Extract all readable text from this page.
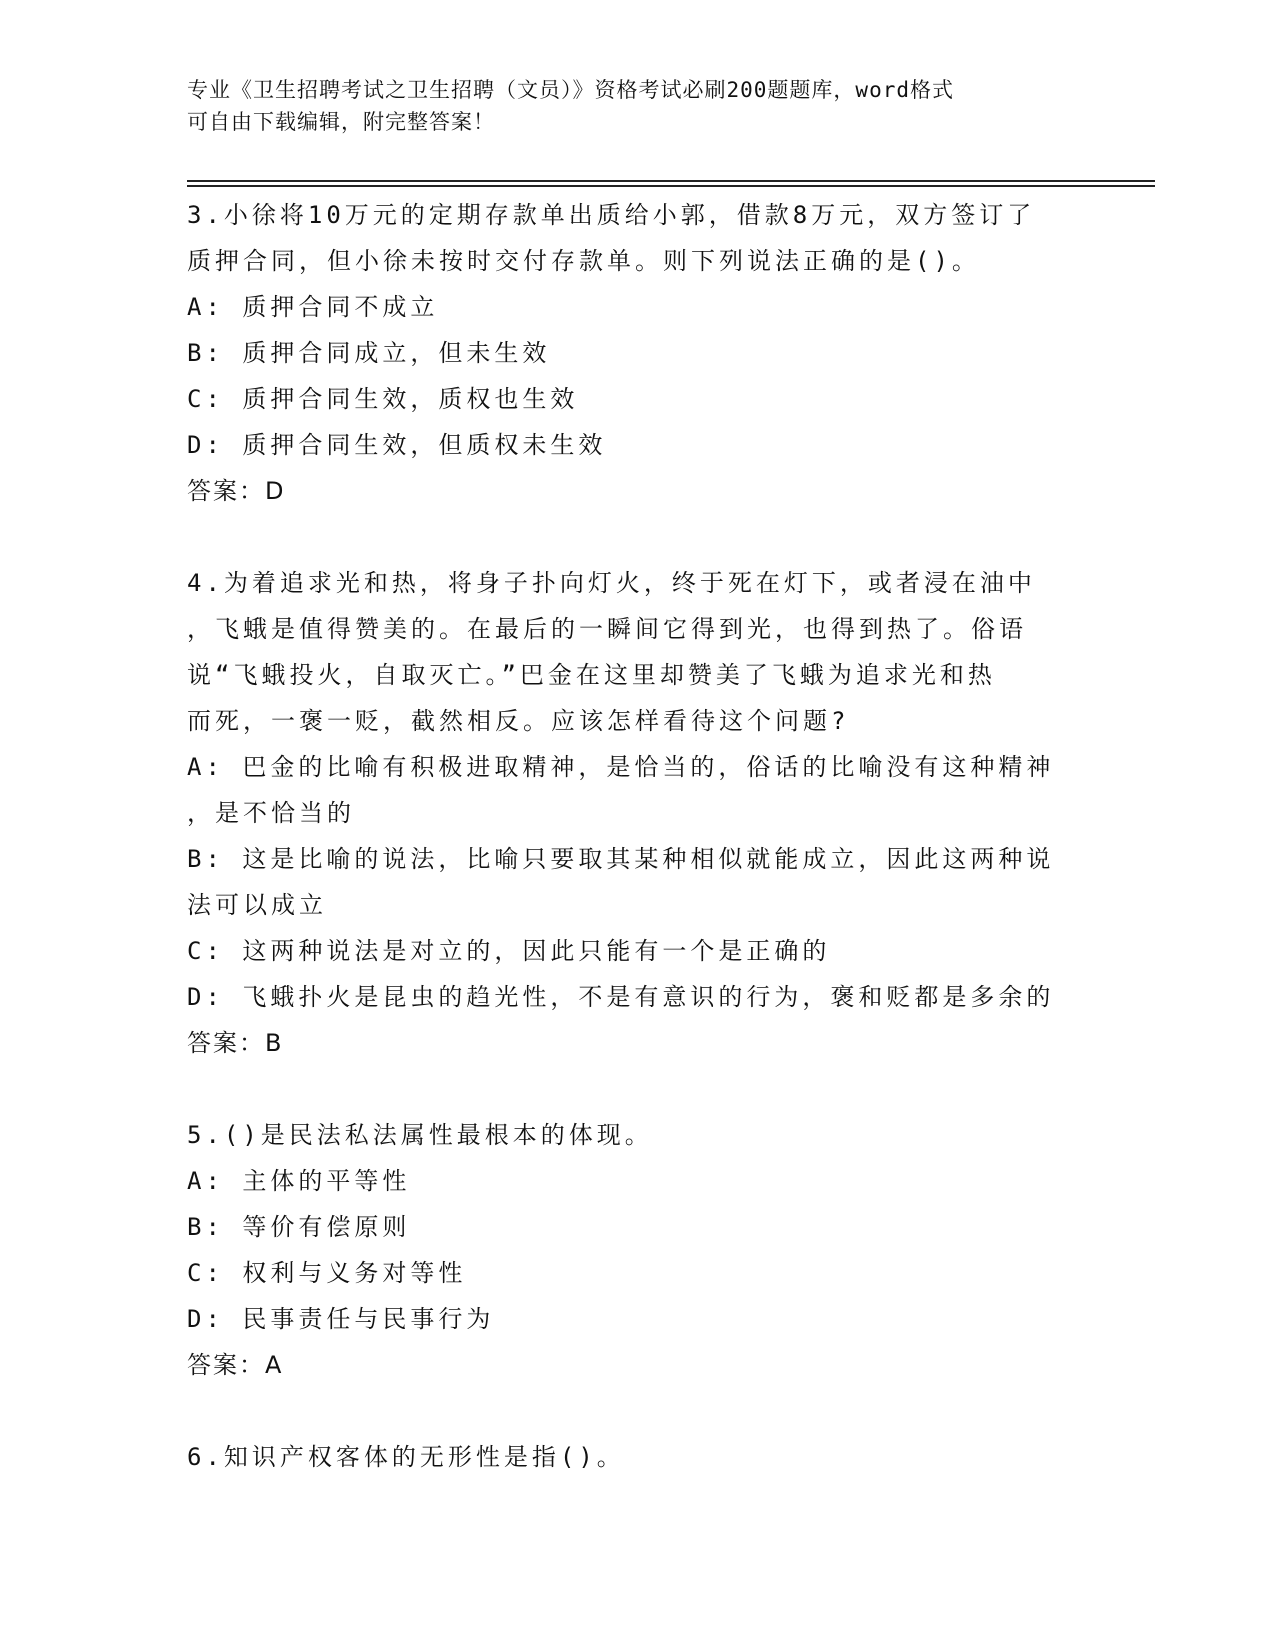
专业《卫生招聘考试之卫生招聘（文员）》资格考试必刷200题题库，word格式
可自由下载编辑，附完整答案！
3.小徐将10万元的定期存款单出质给小郭，借款8万元，双方签订了
质押合同，但小徐未按时交付存款单。则下列说法正确的是()。
A: 质押合同不成立
B: 质押合同成立，但未生效
C: 质押合同生效，质权也生效
D: 质押合同生效，但质权未生效
答案：D
4.为着追求光和热，将身子扑向灯火，终于死在灯下，或者浸在油中
，飞蛾是值得赞美的。在最后的一瞬间它得到光，也得到热了。俗语
说“飞蛾投火，自取灭亡。”巴金在这里却赞美了飞蛾为追求光和热
而死，一褒一贬，截然相反。应该怎样看待这个问题?
A: 巴金的比喻有积极进取精神，是恰当的，俗话的比喻没有这种精神
，是不恰当的
B: 这是比喻的说法，比喻只要取其某种相似就能成立，因此这两种说
法可以成立
C: 这两种说法是对立的，因此只能有一个是正确的
D: 飞蛾扑火是昆虫的趋光性，不是有意识的行为，褒和贬都是多余的
答案：B
5.()是民法私法属性最根本的体现。
A: 主体的平等性
B: 等价有偿原则
C: 权利与义务对等性
D: 民事责任与民事行为
答案：A
6.知识产权客体的无形性是指()。
